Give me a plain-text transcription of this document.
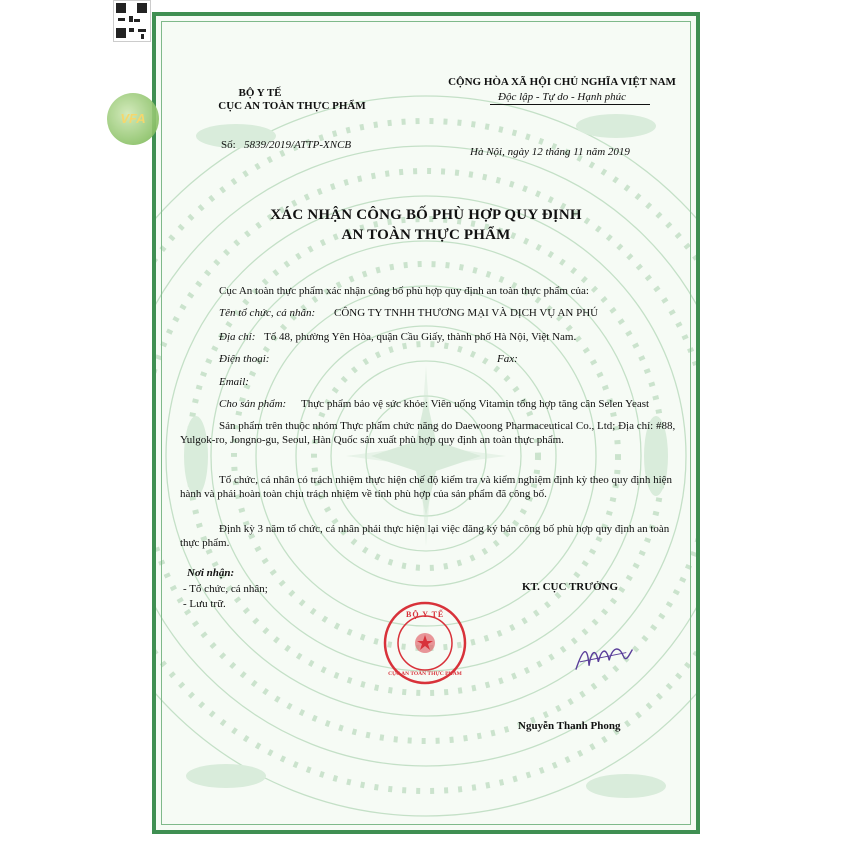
BỘ Y TẾ
CỤC AN TOÀN THỰC PHẨM
VFA
Số: 5839/2019/ATTP-XNCB
CỘNG HÒA XÃ HỘI CHỦ NGHĨA VIỆT NAM
Độc lập - Tự do - Hạnh phúc
Hà Nội, ngày 12 tháng 11 năm 2019
XÁC NHẬN CÔNG BỐ PHÙ HỢP QUY ĐỊNH
AN TOÀN THỰC PHẨM
Cục An toàn thực phẩm xác nhận công bố phù hợp quy định an toàn thực phẩm của:
Tên tổ chức, cá nhân: CÔNG TY TNHH THƯƠNG MẠI VÀ DỊCH VỤ AN PHÚ
Địa chỉ: Tổ 48, phường Yên Hòa, quận Cầu Giấy, thành phố Hà Nội, Việt Nam.
Điện thoại:	Fax:
Email:
Cho sản phẩm: Thực phẩm bảo vệ sức khỏe: Viên uống Vitamin tổng hợp tăng cân Selen Yeast
Sản phẩm trên thuộc nhóm Thực phẩm chức năng do Daewoong Pharmaceutical Co., Ltd; Địa chỉ: #88, Yulgok-ro, Jongno-gu, Seoul, Hàn Quốc sản xuất phù hợp quy định an toàn thực phẩm.
Tổ chức, cá nhân có trách nhiệm thực hiện chế độ kiểm tra và kiểm nghiệm định kỳ theo quy định hiện hành và phải hoàn toàn chịu trách nhiệm về tính phù hợp của sản phẩm đã công bố.
Định kỳ 3 năm tổ chức, cá nhân phải thực hiện lại việc đăng ký bản công bố phù hợp quy định an toàn thực phẩm.
Nơi nhận:
- Tổ chức, cá nhân;
- Lưu trữ.
KT. CỤC TRƯỞNG
BỘ Y TẾ
CỤC AN TOÀN THỰC PHẨM
Nguyễn Thanh Phong
